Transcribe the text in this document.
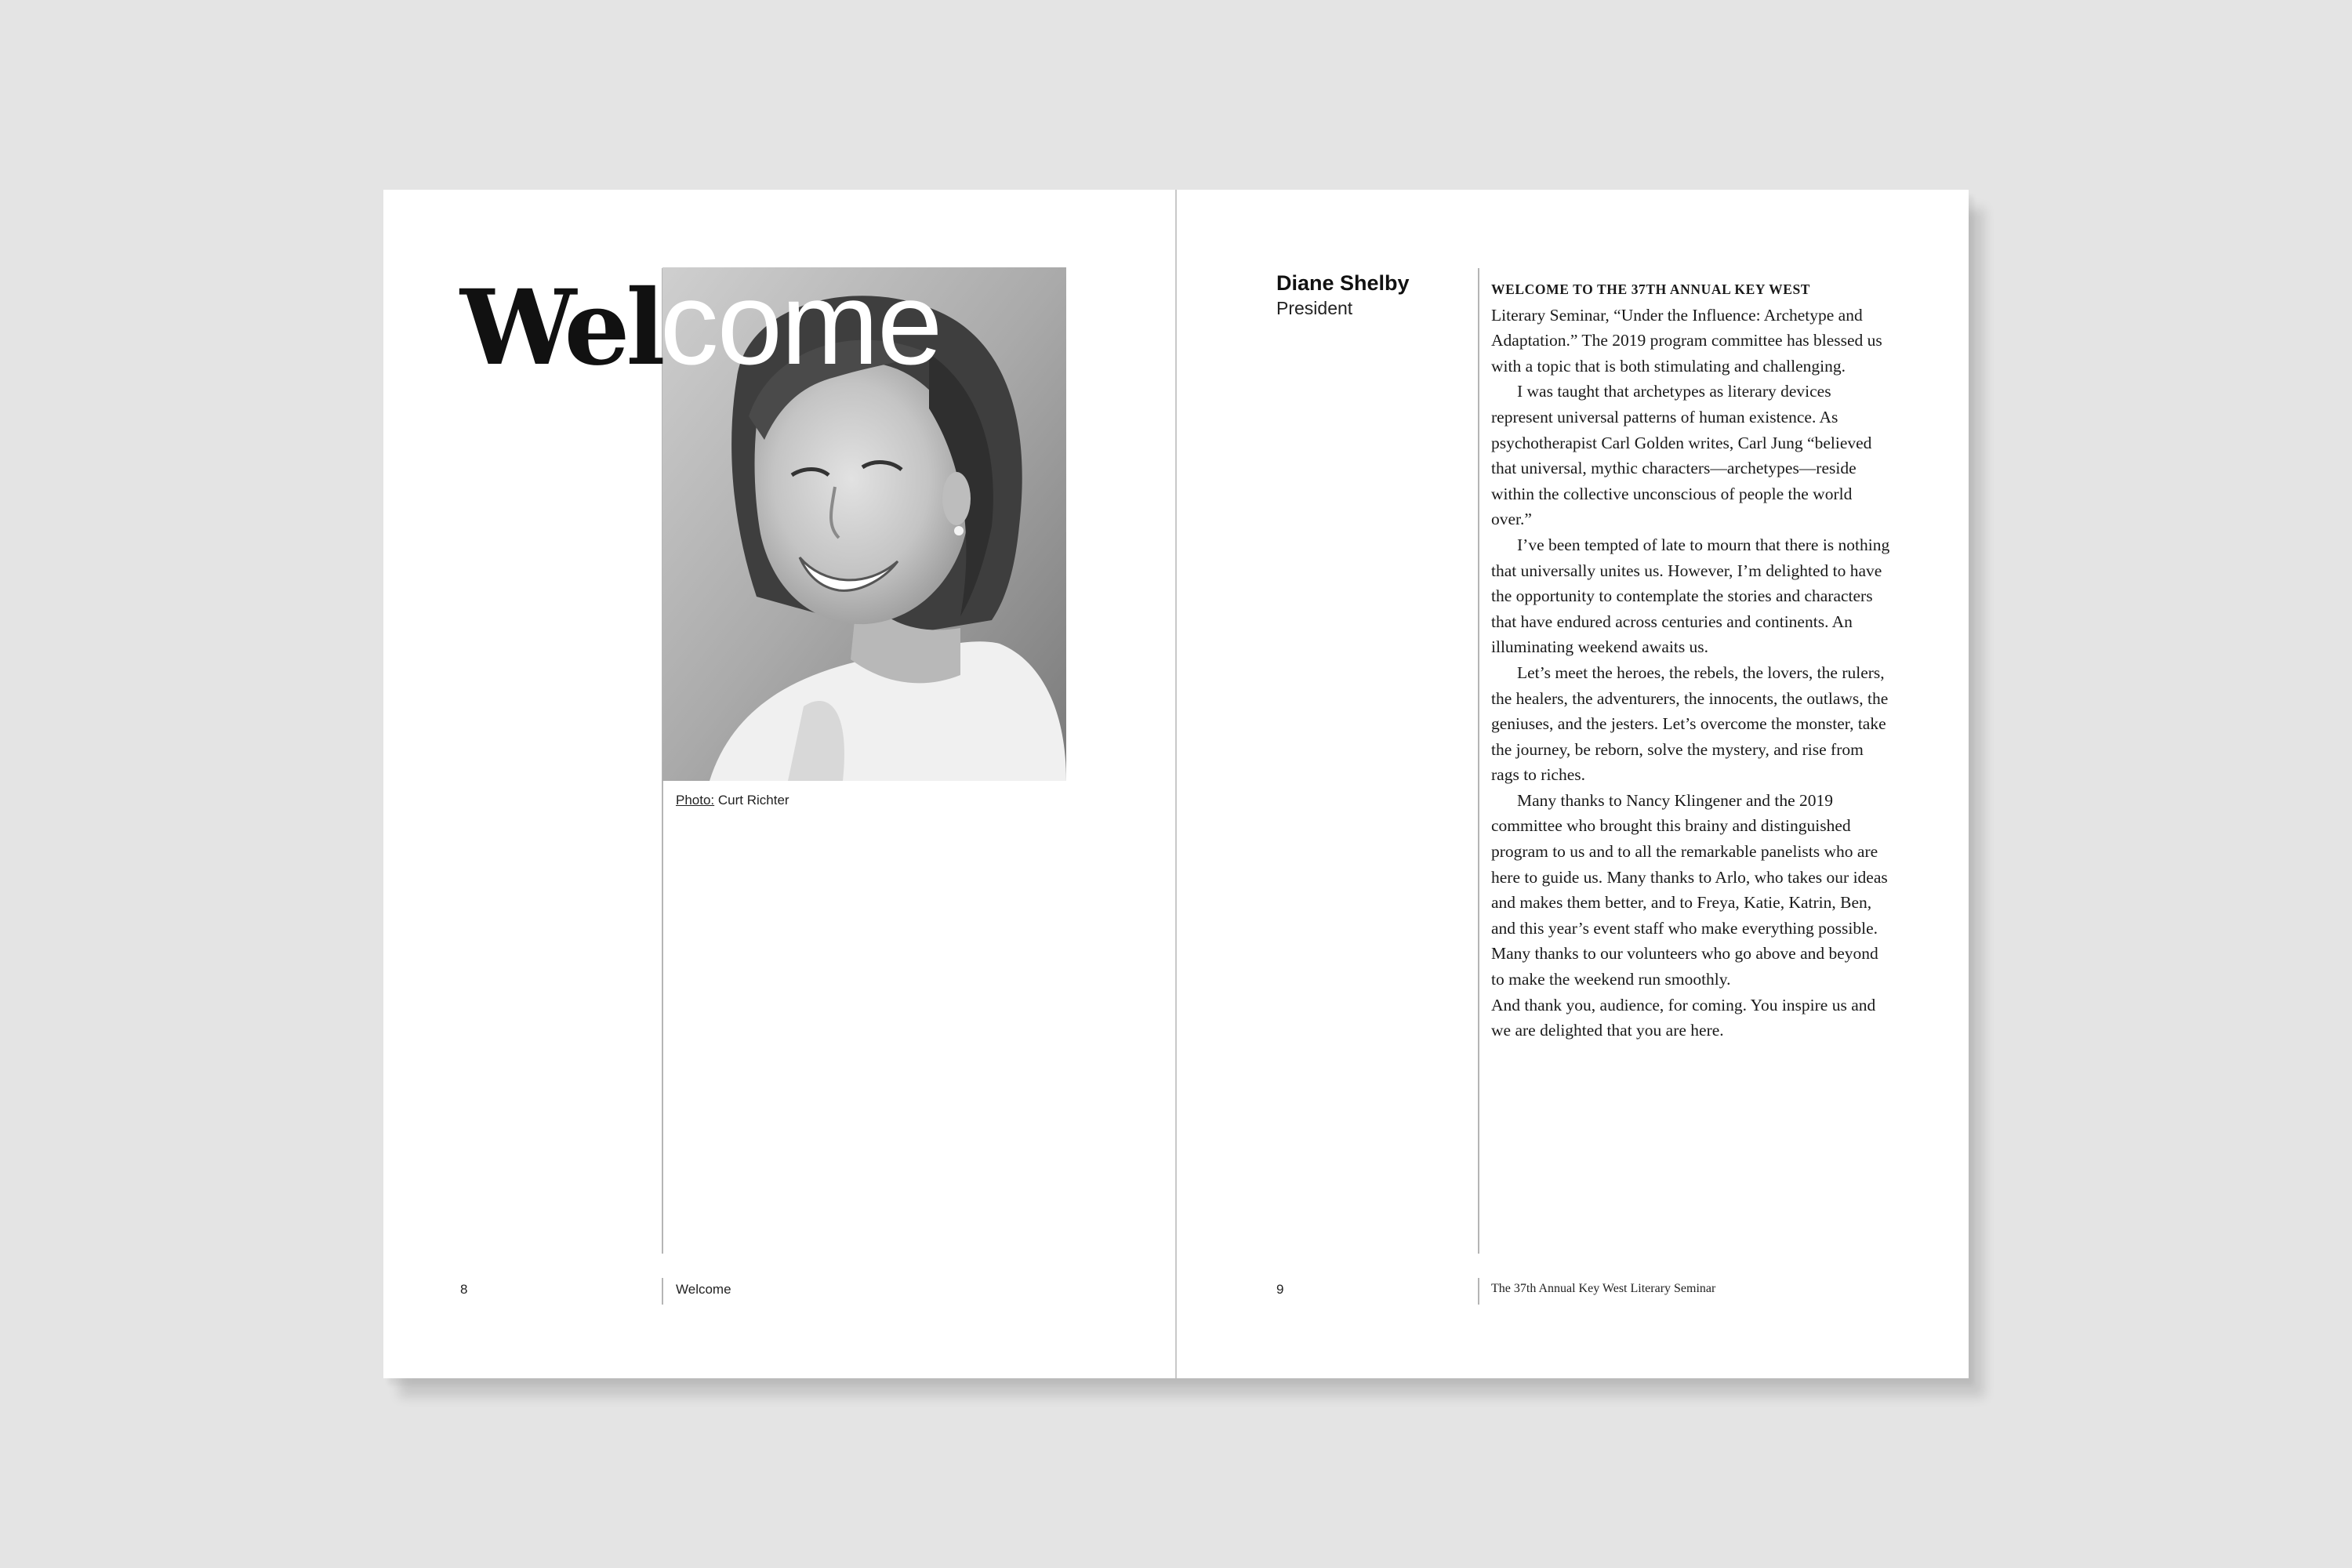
Welcome
Photo: Curt Richter
8	Welcome
Diane Shelby
President

WELCOME TO THE 37TH ANNUAL KEY WEST
Literary Seminar, “Under the Influence: Archetype and Adaptation.” The 2019 program committee has blessed us with a topic that is both stimulating and challenging.

I was taught that archetypes as literary devices represent universal patterns of human existence. As psychotherapist Carl Golden writes, Carl Jung “believed that universal, mythic characters—archetypes—reside within the collective unconscious of people the world over.”

I’ve been tempted of late to mourn that there is nothing that universally unites us. However, I’m delighted to have the opportunity to contemplate the stories and characters that have endured across centuries and continents. An illuminating weekend awaits us.

Let’s meet the heroes, the rebels, the lovers, the rulers, the healers, the adventurers, the innocents, the outlaws, the geniuses, and the jesters. Let’s overcome the monster, take the journey, be reborn, solve the mystery, and rise from rags to riches.

Many thanks to Nancy Klingener and the 2019 committee who brought this brainy and distinguished program to us and to all the remarkable panelists who are here to guide us. Many thanks to Arlo, who takes our ideas and makes them better, and to Freya, Katie, Katrin, Ben, and this year’s event staff who make everything possible. Many thanks to our volunteers who go above and beyond to make the weekend run smoothly.

And thank you, audience, for coming. You inspire us and we are delighted that you are here.

9	The 37th Annual Key West Literary Seminar
